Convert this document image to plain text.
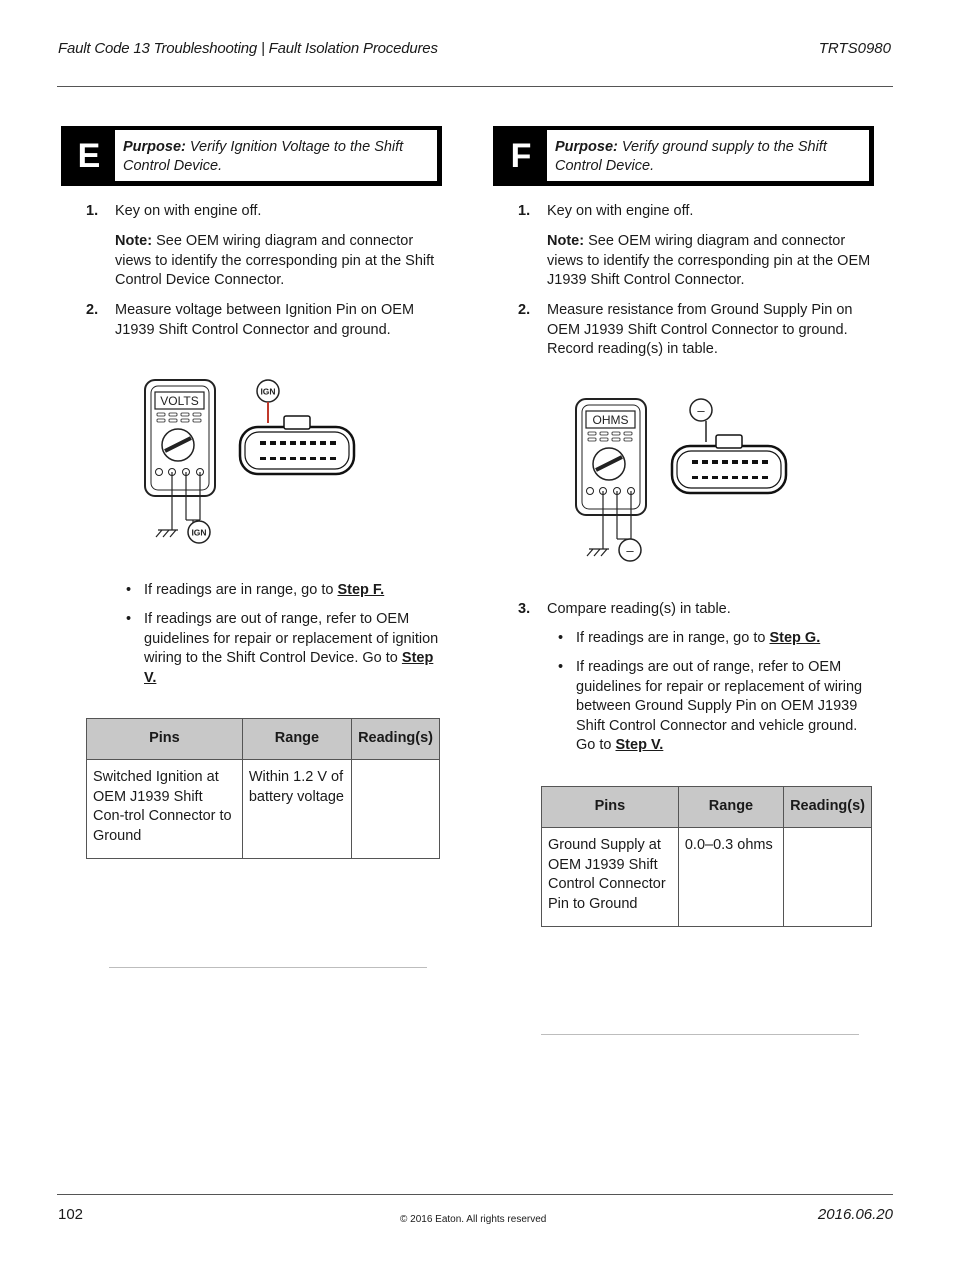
Fault Code 13 Troubleshooting | Fault Isolation Procedures	TRTS0980
E	Purpose: Verify Ignition Voltage to the Shift Control Device.
1. Key on with engine off.
Note: See OEM wiring diagram and connector views to identify the corresponding pin at the Shift Control Device Connector.
2. Measure voltage between Ignition Pin on OEM J1939 Shift Control Connector and ground.
VOLTS
IGN
IGN
• If readings are in range, go to Step F.
• If readings are out of range, refer to OEM guidelines for repair or replacement of ignition wiring to the Shift Control Device. Go to Step V.
Pins	Range	Reading(s)
Switched Ignition at OEM J1939 Shift Con-trol Connector to Ground	Within 1.2 V of battery voltage	
F	Purpose: Verify ground supply to the Shift Control Device.
1. Key on with engine off.
Note: See OEM wiring diagram and connector views to identify the corresponding pin at the OEM J1939 Shift Control Connector.
2. Measure resistance from Ground Supply Pin on OEM J1939 Shift Control Connector to ground. Record reading(s) in table.
OHMS
–
–
3. Compare reading(s) in table.
• If readings are in range, go to Step G.
• If readings are out of range, refer to OEM guidelines for repair or replacement of wiring between Ground Supply Pin on OEM J1939 Shift Control Connector and vehicle ground. Go to Step V.
Pins	Range	Reading(s)
Ground Supply at OEM J1939 Shift Control Connector Pin to Ground	0.0–0.3 ohms	
102	© 2016 Eaton. All rights reserved	2016.06.20
